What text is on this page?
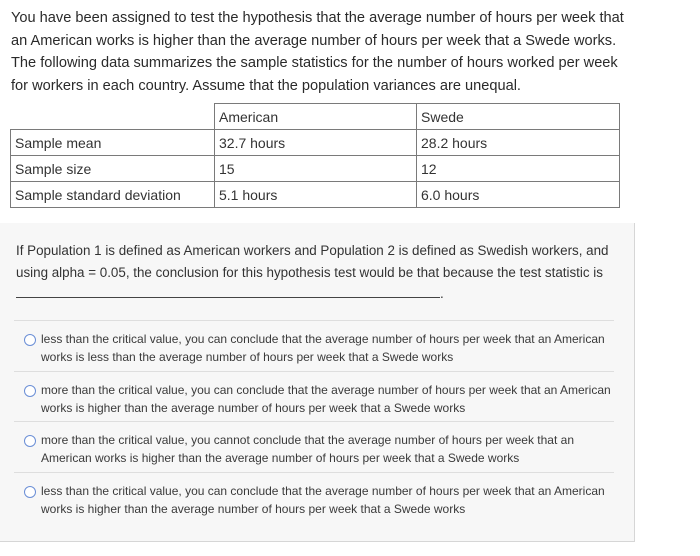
You have been assigned to test the hypothesis that the average number of hours per week that an American works is higher than the average number of hours per week that a Swede works. The following data summarizes the sample statistics for the number of hours worked per week for workers in each country. Assume that the population variances are unequal.
	American	Swede
Sample mean	32.7 hours	28.2 hours
Sample size	15	12
Sample standard deviation	5.1 hours	6.0 hours
If Population 1 is defined as American workers and Population 2 is defined as Swedish workers, and using alpha = 0.05, the conclusion for this hypothesis test would be that because the test statistic is .
less than the critical value, you can conclude that the average number of hours per week that an American works is less than the average number of hours per week that a Swede works
more than the critical value, you can conclude that the average number of hours per week that an American works is higher than the average number of hours per week that a Swede works
more than the critical value, you cannot conclude that the average number of hours per week that an American works is higher than the average number of hours per week that a Swede works
less than the critical value, you can conclude that the average number of hours per week that an American works is higher than the average number of hours per week that a Swede works
